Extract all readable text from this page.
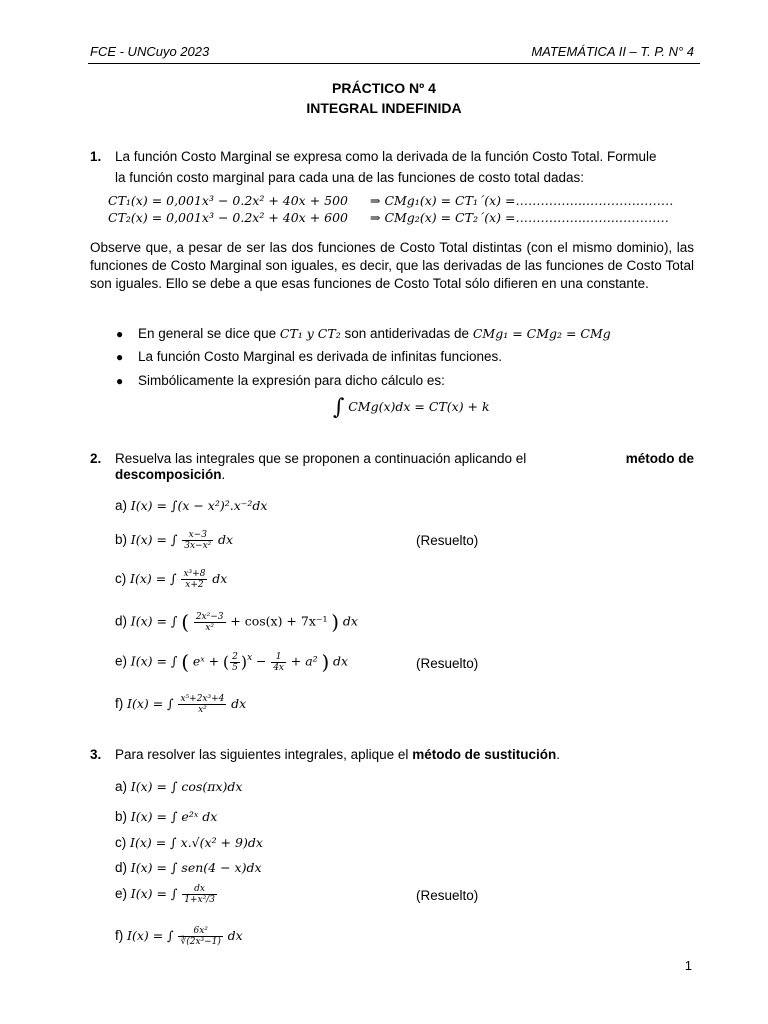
FCE - UNCuyo 2023	MATEMÁTICA II – T. P. N° 4
PRÁCTICO Nº 4
INTEGRAL INDEFINIDA
1. La función Costo Marginal se expresa como la derivada de la función Costo Total. Formule
la función costo marginal para cada una de las funciones de costo total dadas:
CT₁(x) = 0,001x³ − 0.2x² + 40x + 500 ⇒ CMg₁(x) = CT₁´(x) =……………..…………………
CT₂(x) = 0,001x³ − 0.2x² + 40x + 600 ⇒ CMg₂(x) = CT₂´(x) =……………..……..…………
Observe que, a pesar de ser las dos funciones de Costo Total distintas (con el mismo dominio), las funciones de Costo Marginal son iguales, es decir, que las derivadas de las funciones de Costo Total son iguales. Ello se debe a que esas funciones de Costo Total sólo difieren en una constante.
● En general se dice que CT₁ y CT₂ son antiderivadas de CMg₁ = CMg₂ = CMg
● La función Costo Marginal es derivada de infinitas funciones.
● Simbólicamente la expresión para dicho cálculo es:
∫ CMg(x)dx = CT(x) + k
2. Resuelva las integrales que se proponen a continuación aplicando el	método de
descomposición.
a) I(x) = ∫(x − x²)².x⁻²dx
b) I(x) = ∫ $\frac{x-3}{\text{3x−x²}}$ dx	(Resuelto)
c) I(x) = ∫ $\frac{\text{x³+8}}{x+2}$ dx
d) I(x) = ∫ ( $\frac{\text{2x²−3}}{\text{x²}} + \cos(x) + 7x^{-1}$ ) dx
e) I(x) = ∫ ( eˣ + ( $\frac{2}{5} )^x - \frac{1}{4x} + a^2$ ) dx	(Resuelto)
f) I(x) = ∫ $\frac{\text{x⁵+2x³+4}}{\text{x²}}$ dx
3. Para resolver las siguientes integrales, aplique el método de sustitución.
a) I(x) = ∫ cos(πx)dx
b) I(x) = ∫ e²ˣ dx
c) I(x) = ∫ x.√(x² + 9)dx
d) I(x) = ∫ sen(4 − x)dx
e) I(x) = ∫ $\frac{dx}{\text{1+x²/3}}$	(Resuelto)
f) I(x) = ∫ $\frac{\text{6x²}}{\text{∛(2x³−1)}}$ dx
1
